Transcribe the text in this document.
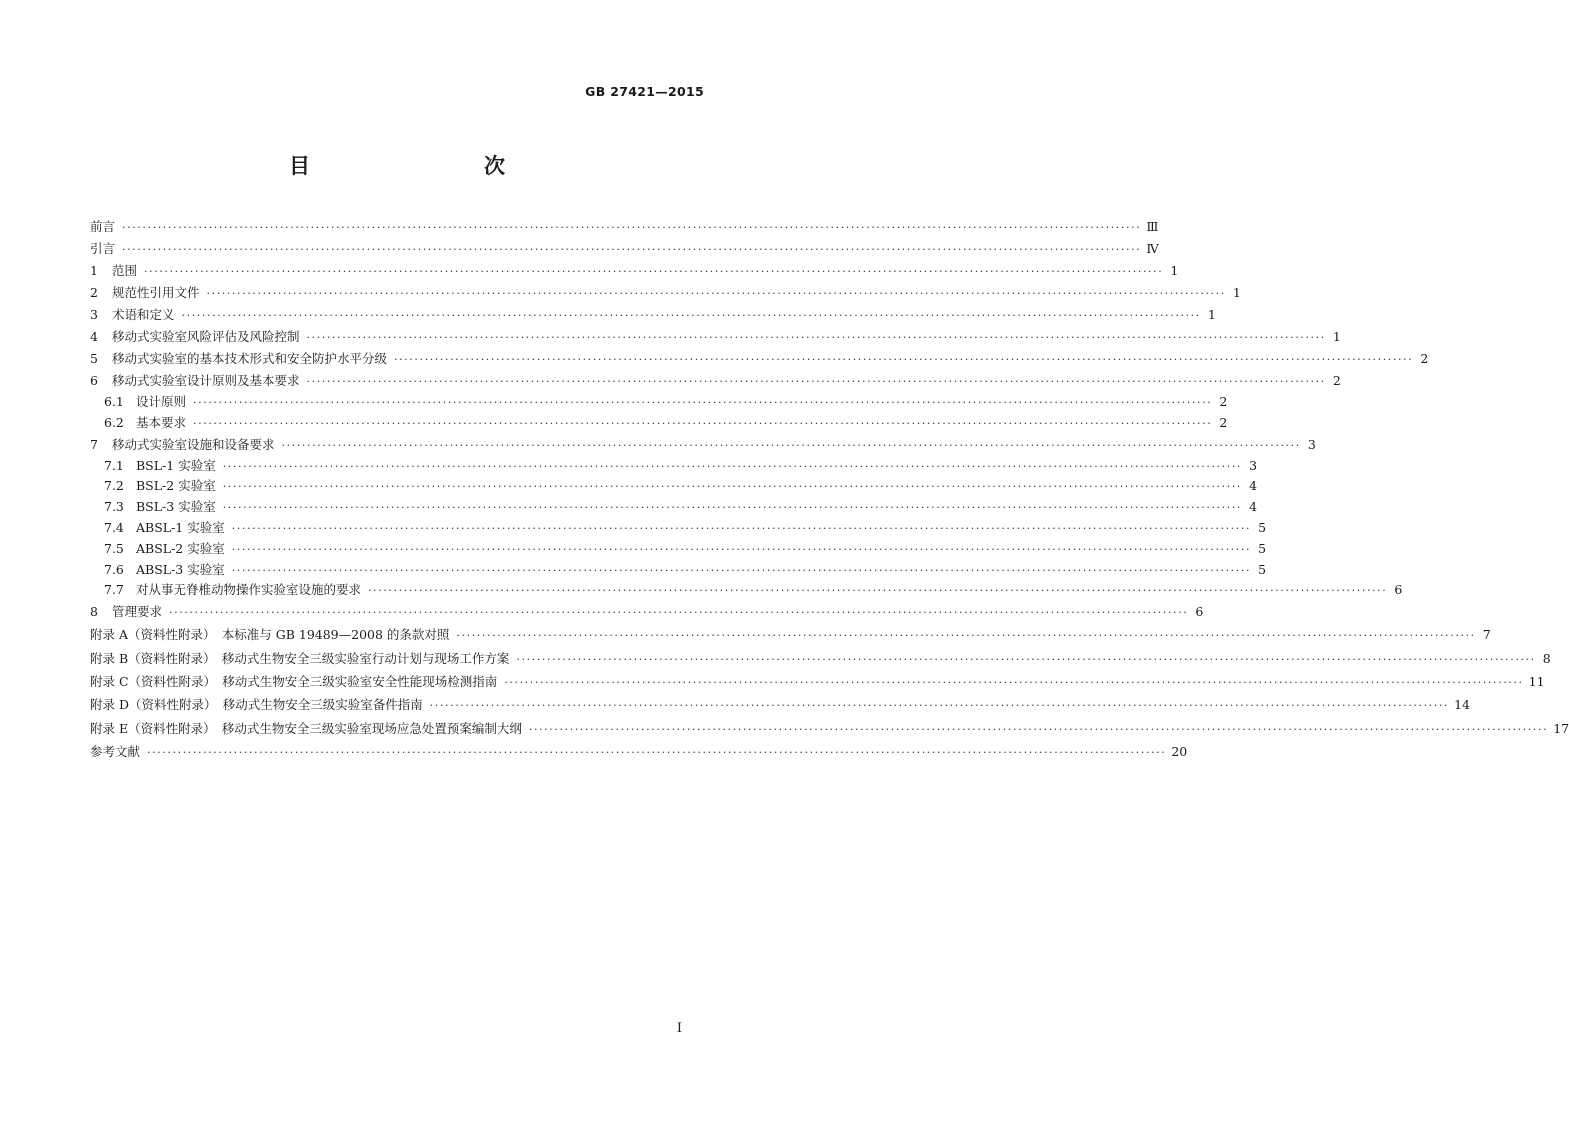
GB 27421—2015
目　　次
前言 ········································································································································································································ Ⅲ
引言 ········································································································································································································ Ⅳ
1	范围 ········································································································································································································ 1
2	规范性引用文件 ········································································································································································································ 1
3	术语和定义 ········································································································································································································ 1
4	移动式实验室风险评估及风险控制 ········································································································································································································ 1
5	移动式实验室的基本技术形式和安全防护水平分级 ········································································································································································································ 2
6	移动式实验室设计原则及基本要求 ········································································································································································································ 2
6.1 设计原则 ········································································································································································································ 2
6.2 基本要求 ········································································································································································································ 2
7	移动式实验室设施和设备要求 ········································································································································································································ 3
7.1 BSL-1 实验室 ········································································································································································································ 3
7.2 BSL-2 实验室 ········································································································································································································ 4
7.3 BSL-3 实验室 ········································································································································································································ 4
7.4 ABSL-1 实验室 ········································································································································································································ 5
7.5 ABSL-2 实验室 ········································································································································································································ 5
7.6 ABSL-3 实验室 ········································································································································································································ 5
7.7 对从事无脊椎动物操作实验室设施的要求 ········································································································································································································ 6
8	管理要求 ········································································································································································································ 6
附录 A（资料性附录）　本标准与 GB 19489—2008 的条款对照 ········································································································································································································ 7
附录 B（资料性附录）　移动式生物安全三级实验室行动计划与现场工作方案 ········································································································································································································ 8
附录 C（资料性附录）　移动式生物安全三级实验室安全性能现场检测指南 ········································································································································································································ 11
附录 D（资料性附录）　移动式生物安全三级实验室备件指南 ········································································································································································································ 14
附录 E（资料性附录）　移动式生物安全三级实验室现场应急处置预案编制大纲 ········································································································································································································ 17
参考文献 ········································································································································································································ 20
Ⅰ
